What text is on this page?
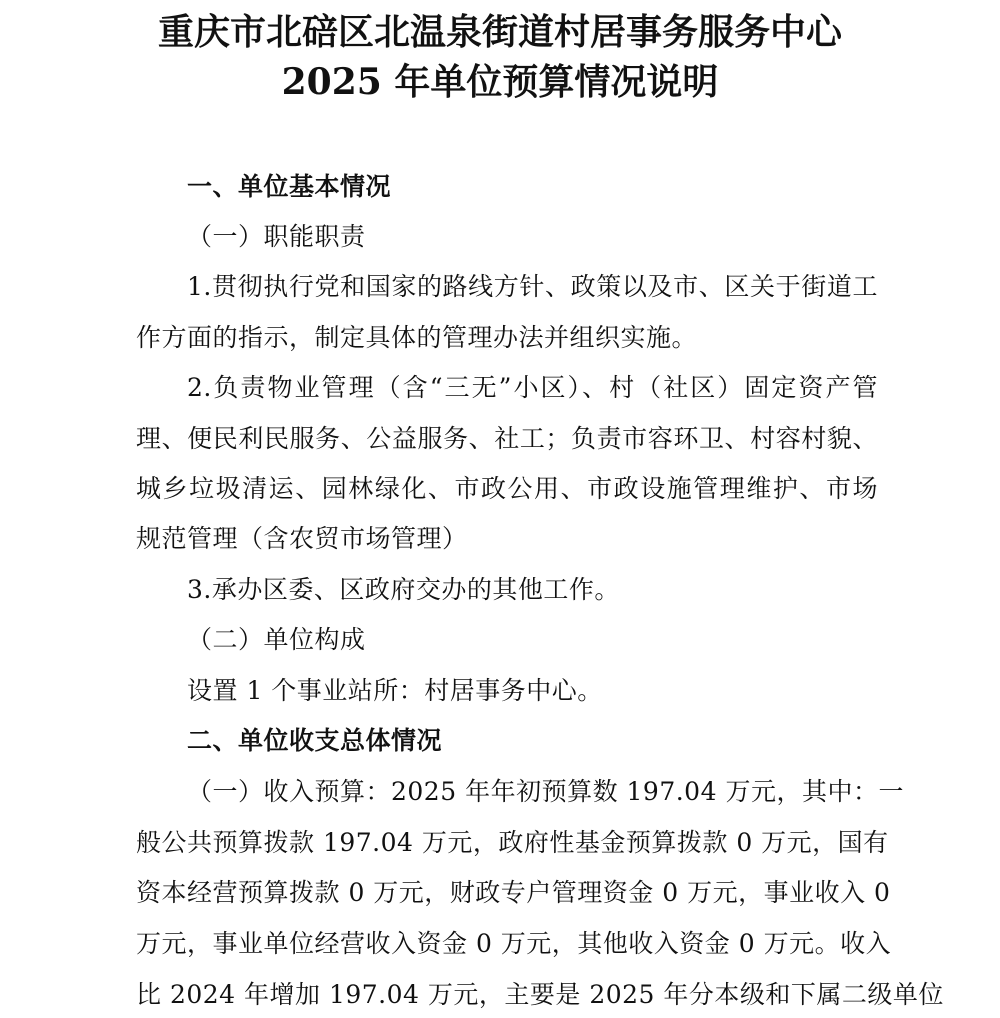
重庆市北碚区北温泉街道村居事务服务中心
2025 年单位预算情况说明
一、单位基本情况
（一）职能职责
1.贯彻执行党和国家的路线方针、政策以及市、区关于街道工
作方面的指示，制定具体的管理办法并组织实施。
2.负责物业管理（含“三无”小区）、村（社区）固定资产管
理、便民利民服务、公益服务、社工；负责市容环卫、村容村貌、
城乡垃圾清运、园林绿化、市政公用、市政设施管理维护、市场
规范管理（含农贸市场管理）
3.承办区委、区政府交办的其他工作。
（二）单位构成
设置 1 个事业站所：村居事务中心。
二、单位收支总体情况
（一）收入预算：2025 年年初预算数 197.04 万元，其中：一
般公共预算拨款 197.04 万元，政府性基金预算拨款 0 万元，国有
资本经营预算拨款 0 万元，财政专户管理资金 0 万元，事业收入 0
万元，事业单位经营收入资金 0 万元，其他收入资金 0 万元。收入
比 2024 年增加 197.04 万元，主要是 2025 年分本级和下属二级单位
